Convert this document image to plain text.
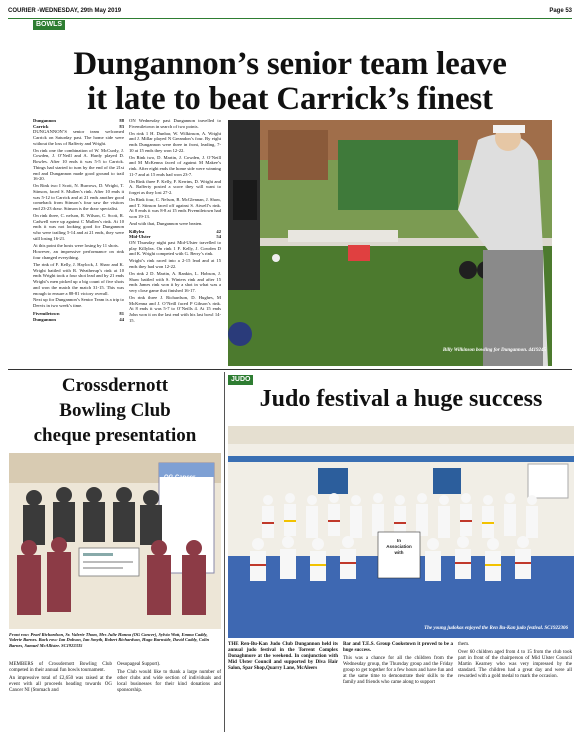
COURIER -WEDNESDAY, 29th May 2019	Page 53
BOWLS
Dungannon’s senior team leave
it late to beat Carrick’s finest
Dungannon	88
Carrick	83

DUNGANNON’S senior team welcomed Carrick on Saturday past. The home side were without the loss of Rafferty and Wright.

On rink one the combination of W. McCurdy, J. Cowden, J. O’Neill and A. Hardy played D. Bowles. After 10 ends it was 5-5 to Carrick. Things had started to turn by the end of the 21st end and Dungannon made good ground to trail 16-20.

On Rink two I Scott, N. Burrows, D. Wright, T. Stinson, faced S. Mullen’s rink. After 10 ends it was 5-12 to Carrick and at 21 ends another good comeback from Stinson’s four saw the visitors end 23-23 draw. Stinson is the draw specialist.

On rink three, C. nelson, R. Wilson, C. Scott, R. Cadwell were up against C Mullen’s rink. At 10 ends it was not looking good for Dungannon who were trailing 5-14 and at 21 ends, they were still losing 16-21.

At this point the hosts were losing by 11 shots.

However, an impressive performance on rink four changed everything.

The rink of F. Kelly, J. Haylock, J. Shaw and K. Wright battled with R. Weatherup’s rink at 10 ends Wright took a four shot lead and by 21 ends Wright’s men picked up a big count of five shots and won the match the match 31-15. This was enough to ensure a 88-81 victory overall.

Next up for Dungannon’s Senior Team is a trip to Dervis in two week’s time.

Fivemiletown	81
Dungannon	44

ON Wednesday past Dungannon travelled to Fivemiletown in search of two points.

On rink 1 H. Dunbar, W. Wilkinson, A. Wright and J. Millar played N Greandon’s four. By eight ends Dungannon were three in front, leading, 7-10 at 15 ends they won 12-22.

On Rink two, D. Martin, J. Cowden, J. O’Neill and M McKenna faced of against M Makee’s rink. After eight ends the home side were winning 11-7 and at 15 ends had won 23-7.

On Rink three F. Kelly, F. Kerrins, D. Wright and A. Rafferty posted a score they will want to forget as they lost 27-2.

On Rink four, C. Nelson, B. McGlennan, J. Shaw, and T. Stinson faced off against S. Atwell’s rink. At 8 ends it was 8-8 at 15 ends Fivemiletown had won 19-13.

And with that, Dungannon were beaten.

Killylea	42
Mid-Ulster	54

ON Thursday night past Mid-Ulster travelled to play Killylea. On rink 1 F. Kelly, J. Cowden D and K. Wright competed with G. Berry’s rink.

Wright’s rink raced into a 2-15 lead and at 15 ends they had won 12-22.

On rink 2 D. Martin, A. Rankin, L. Hobson, J. Shaw battled with S. Winters rink and after 15 ends James rink won it by a shot in what was a very close game that finished 16-17.

On rink three J. Richardson, D. Hughes, M McKenna and J. O’Neill faced P Gibson’s rink. At 8 ends it was 5-7 to O’Neills 4. At 15 ends John won it on the last end with his last bowl 14-15.

Billy Wilkinson bowling for Dungannon. 4419245
Crossdernott
Bowling Club
cheque presentation
OG Cancer
Front row: Pearl Richardson, Sr. Valerie Thom, Mrs Julie Hanna (OG Cancer), Sylvia Watt, Emma Caddy, Valerie Barnes. Back row: Ian Dobson, Ian Smyth, Robert Richardson, Hugo Burnside, David Caddy, Colin Barnes, Samuel McAllister. SC1922335

MEMBERS of Crossdernott Bowling Club competed in their annual fun bowls tournament.

An impressive total of £2,650 was raised at the event with all proceeds heading towards OG Cancer NI (Stomach and

Oesopageal Support).

The Club would like to thank a large number of other clubs and wide section of individuals and local businesses for their kind donations and sponsorship.

JUDO
Judo festival a huge success
In
Association
with
The young judokas enjoyed the Ren Bu-Kan judo festival. SC1922306

THE Ren-Bu-Kan Judo Club Dungannon held its annual judo festival in the Torrent Complex Donaghmore at the weekend. In conjunction with Mid Ulster Council and supported by Diva Hair Salon, Spar Shop,Quarry Lane, McAleers

Bar and T.E.S. Group Cookstown it proved to be a huge success.

This was a chance for all the children from the Wednesday group, the Thursday group and the Friday group to get together for a few hours and have fun and at the same time to demonstrate their skills to the family and friends who came along to support

them.

Over 60 children aged from 4 to 15 from the club took part in front of the chairperson of Mid Ulster Council Martin Kearney who was very impressed by the standard. The children had a great day and were all rewarded with a gold medal to mark the occasion.
